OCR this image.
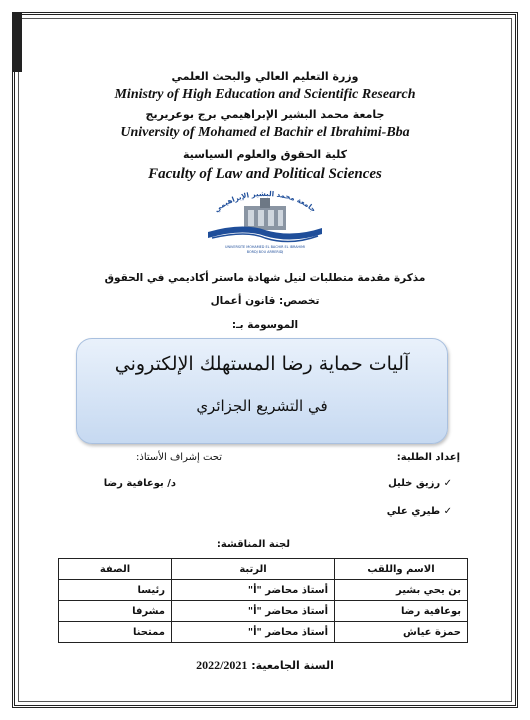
وزرة التعليم العالي والبحث العلمي
Ministry of High Education and Scientific Research
جامعة محمد البشير الإبراهيمي برج بوعريريج
University of Mohamed el Bachir el Ibrahimi-Bba
كلية الحقوق والعلوم السياسية
Faculty of Law and Political Sciences
جامعة محمد البشير الإبراهيمي
UNIVERSITE MOHAMED EL BACHIR EL IBRAHIMI
BORDJ BOU ARRERIDJ
مذكرة مقدمة متطلبات لنيل شهادة ماستر أكاديمي في الحقوق
تخصص: قانون أعمال
الموسومة بـ:
آليات حماية رضا المستهلك الإلكتروني
في التشريع الجزائري
إعداد الطلبة:
تحت إشراف الأستاذ:
✓ رزيق خليل
د/ بوعافية رضا
✓ طيري علي
لجنة المناقشة:
الاسم واللقب	الرتبة	الصفة
بن يحي بشير	أستاذ محاضر "أ"	رئيسا
بوعافية رضا	أستاذ محاضر "أ"	مشرفا
حمزة عياش	أستاذ محاضر "أ"	ممتحنا
السنة الجامعية: 2022/2021
